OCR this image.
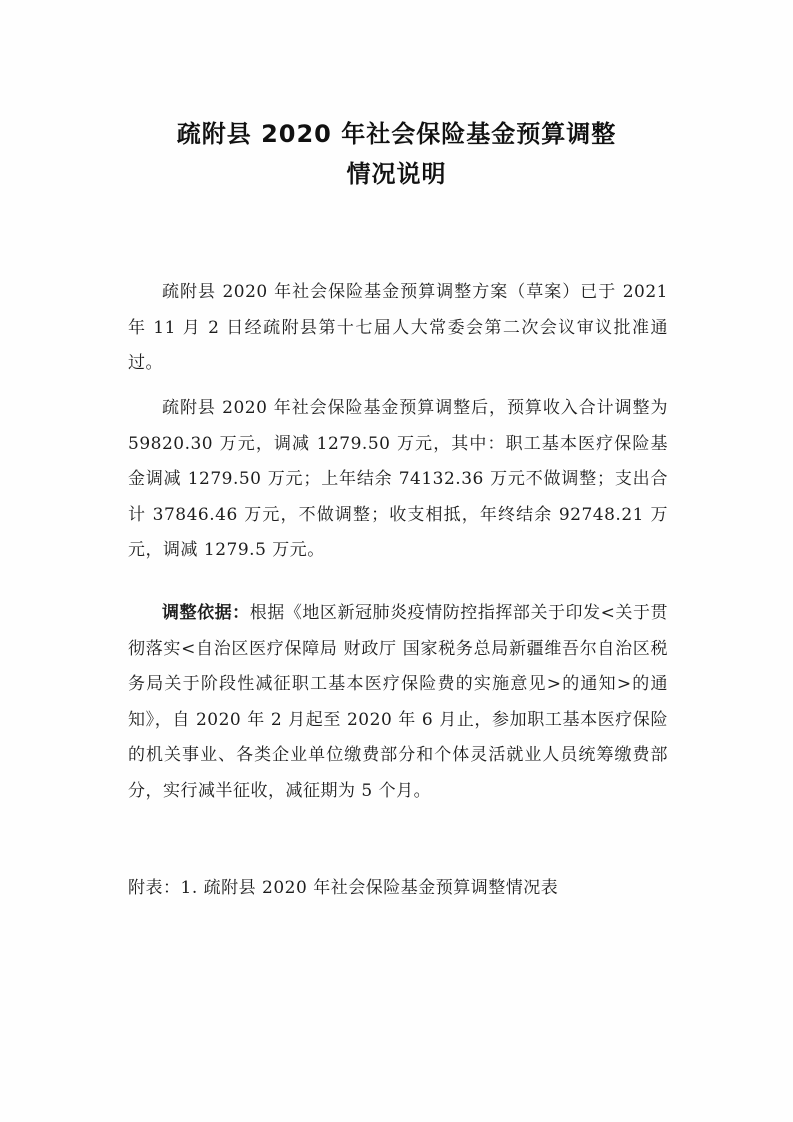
疏附县 2020 年社会保险基金预算调整
情况说明
疏附县 2020 年社会保险基金预算调整方案（草案）已于 2021 年 11 月 2 日经疏附县第十七届人大常委会第二次会议审议批准通过。
疏附县 2020 年社会保险基金预算调整后，预算收入合计调整为 59820.30 万元，调减 1279.50 万元，其中：职工基本医疗保险基金调减 1279.50 万元；上年结余 74132.36 万元不做调整；支出合计 37846.46 万元，不做调整；收支相抵，年终结余 92748.21 万元，调减 1279.5 万元。
调整依据：根据《地区新冠肺炎疫情防控指挥部关于印发<关于贯彻落实<自治区医疗保障局 财政厅 国家税务总局新疆维吾尔自治区税务局关于阶段性减征职工基本医疗保险费的实施意见>的通知>的通知》，自 2020 年 2 月起至 2020 年 6 月止，参加职工基本医疗保险的机关事业、各类企业单位缴费部分和个体灵活就业人员统筹缴费部分，实行减半征收，减征期为 5 个月。
附表：1. 疏附县 2020 年社会保险基金预算调整情况表
